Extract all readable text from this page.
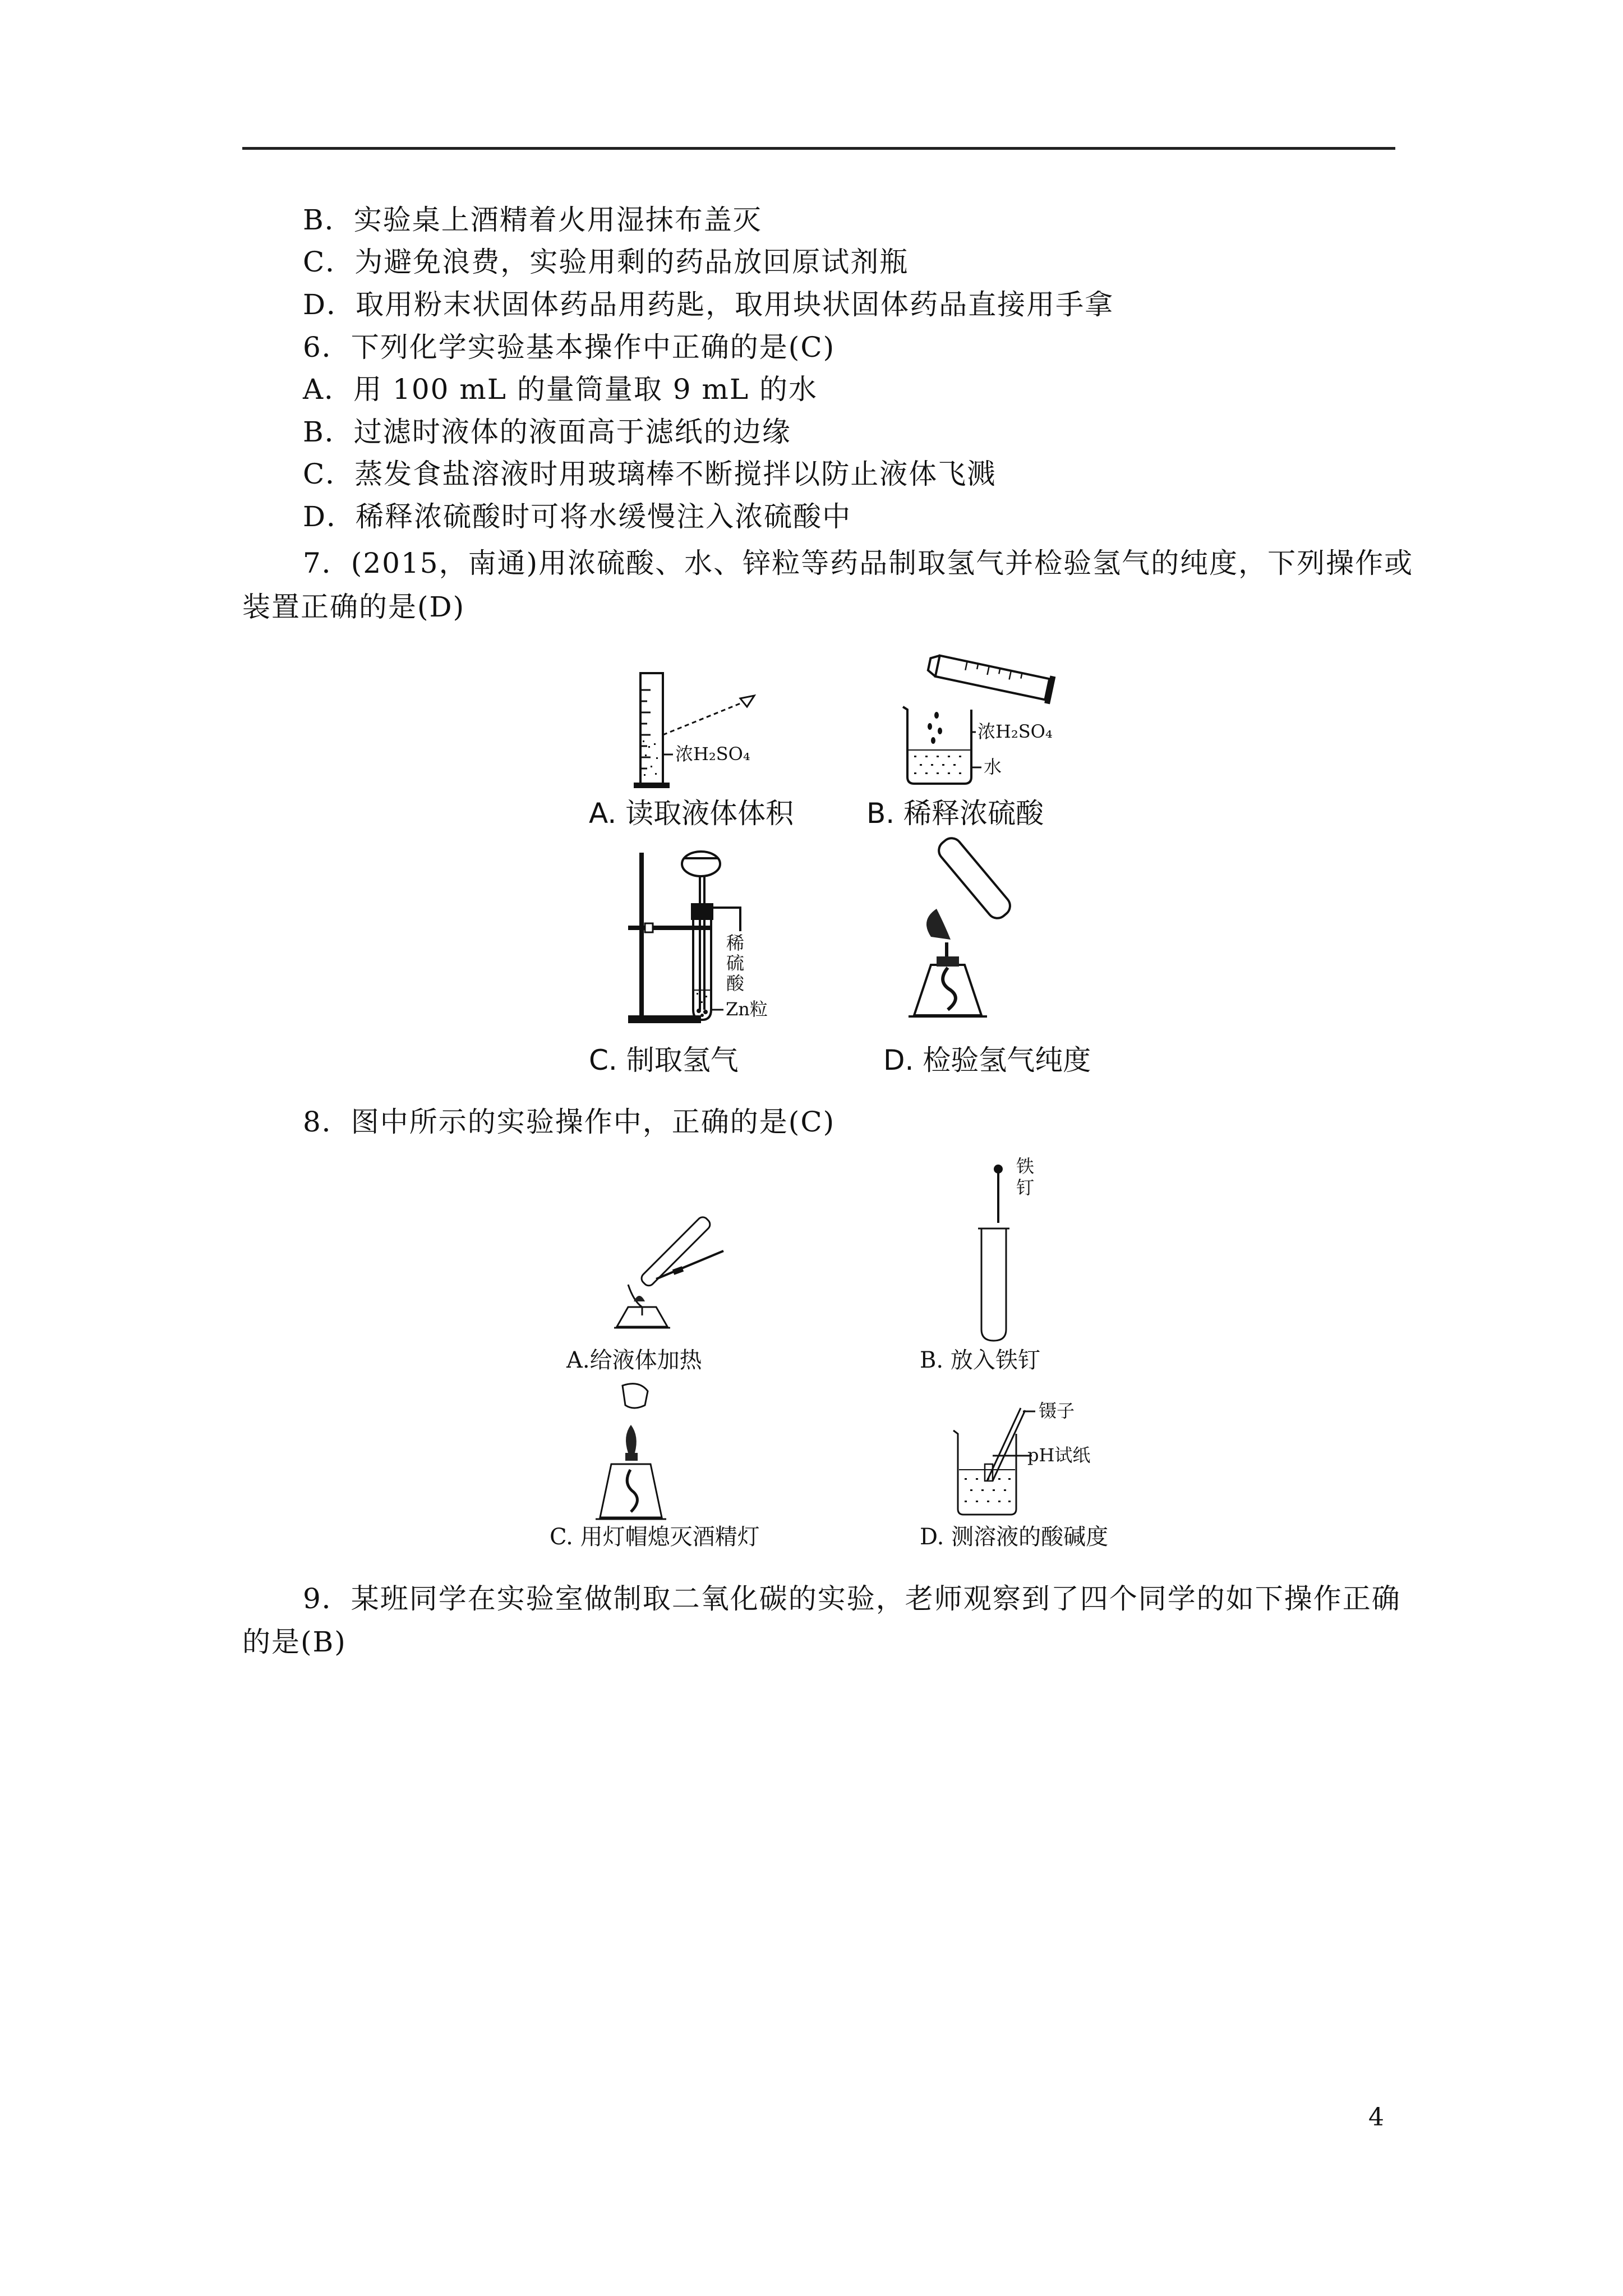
B．实验桌上酒精着火用湿抹布盖灭
C．为避免浪费，实验用剩的药品放回原试剂瓶
D．取用粉末状固体药品用药匙，取用块状固体药品直接用手拿
6．下列化学实验基本操作中正确的是(C)
A．用 100 mL 的量筒量取 9 mL 的水
B．过滤时液体的液面高于滤纸的边缘
C．蒸发食盐溶液时用玻璃棒不断搅拌以防止液体飞溅
D．稀释浓硫酸时可将水缓慢注入浓硫酸中
7．(2015，南通)用浓硫酸、水、锌粒等药品制取氢气并检验氢气的纯度，下列操作或
装置正确的是(D)
浓H₂SO₄
A. 读取液体体积
浓H₂SO₄
水
B. 稀释浓硫酸
稀
硫
酸
Zn粒
C. 制取氢气	D. 检验氢气纯度
8．图中所示的实验操作中，正确的是(C)
A.给液体加热
铁
钉
B. 放入铁钉
C. 用灯帽熄灭酒精灯
镊子
pH试纸
D. 测溶液的酸碱度
9．某班同学在实验室做制取二氧化碳的实验，老师观察到了四个同学的如下操作正确
的是(B)
4
